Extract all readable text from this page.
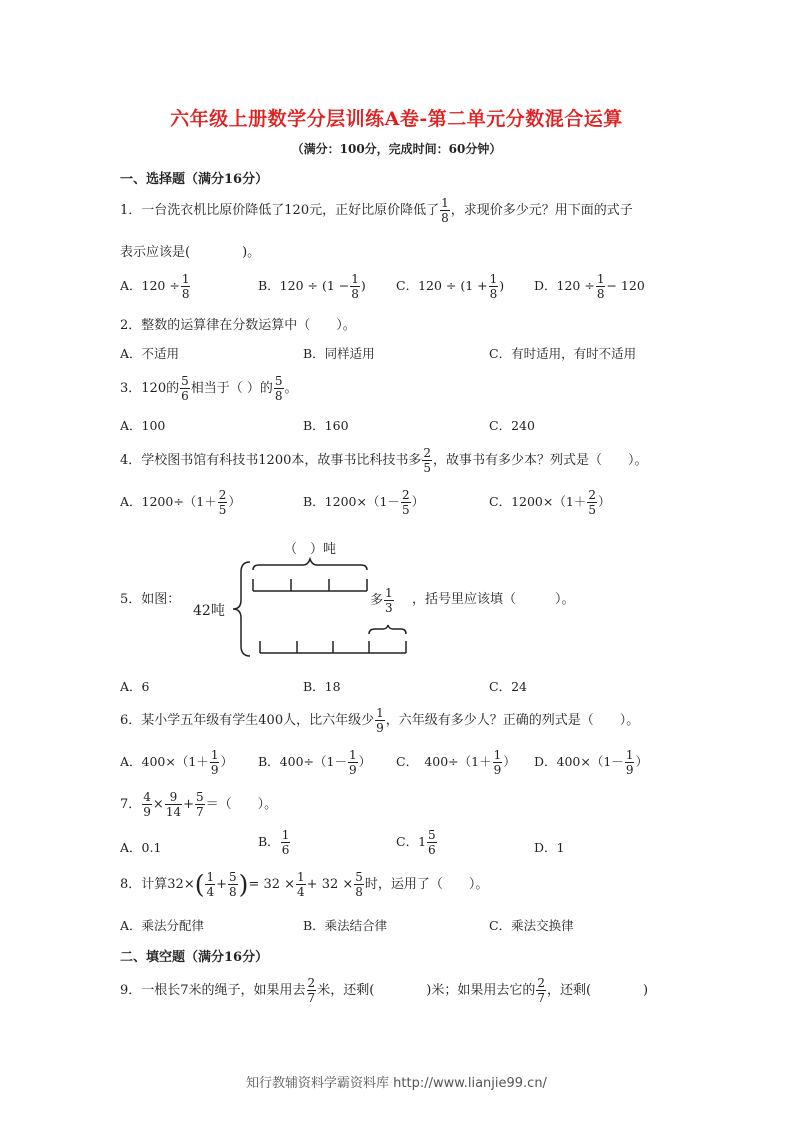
六年级上册数学分层训练A卷-第二单元分数混合运算
（满分：100分，完成时间：60分钟）
一、选择题（满分16分）
1．一台洗衣机比原价降低了120元，正好比原价降低了 $\frac{1}{8}$ ，求现价多少元？用下面的式子
表示应该是(　　　　)。
A．$120 \div \frac{1}{8}$	B．$120 \div (1 - \frac{1}{8}$ ) C．$120 \div (1 + \frac{1}{8}$ ) D．$120 \div \frac{1}{8} - 120$
2．整数的运算律在分数运算中（　　）。
A．不适用	B．同样适用	C．有时适用，有时不适用
3．120的 $\frac{5}{6}$ 相当于（ ）的 $\frac{5}{8}$ 。
A．100	B．160	C．240
4．学校图书馆有科技书1200本，故事书比科技书多 $\frac{2}{5}$ ，故事书有多少本？列式是（　　）。
A．$1200\div(1+ \frac{2}{5}$ ）	B．$1200\times(1- \frac{2}{5}$ ）	C．$1200\times(1+ \frac{2}{5}$ ）
（　）吨
5．如图：
42吨
多 $\frac{1}{3}$ ，括号里应该填（　　　）。
A．6	B．18	C．24
6．某小学五年级有学生400人，比六年级少 $\frac{1}{9}$ ，六年级有多少人？正确的列式是（　　）。
A．$400\times(1+ \frac{1}{9}$ ） B．$400\div(1- \frac{1}{9}$ ） C．　$400\div(1+ \frac{1}{9}$ ） D．$400\times(1- \frac{1}{9}$ ）
7． $\frac{4}{9} \times \frac{9}{14} + \frac{5}{7}$ ＝（　　）。
A．0.1	B． $\frac{1}{6}$	C．$1 \frac{5}{6}$	D．1
8．计算$32\times( \frac{1}{4} + \frac{5}{8}$ )= $32 \times \frac{1}{4} + 32 \times \frac{5}{8}$ 时，运用了（　　）。
A．乘法分配律	B．乘法结合律	C．乘法交换律
二、填空题（满分16分）
9．一根长7米的绳子，如果用去 $\frac{2}{7}$ 米，还剩(　　　　)米；如果用去它的 $\frac{2}{7}$ ，还剩(　　　　)
知行教辅资料学霸资料库 http://www.lianjie99.cn/
